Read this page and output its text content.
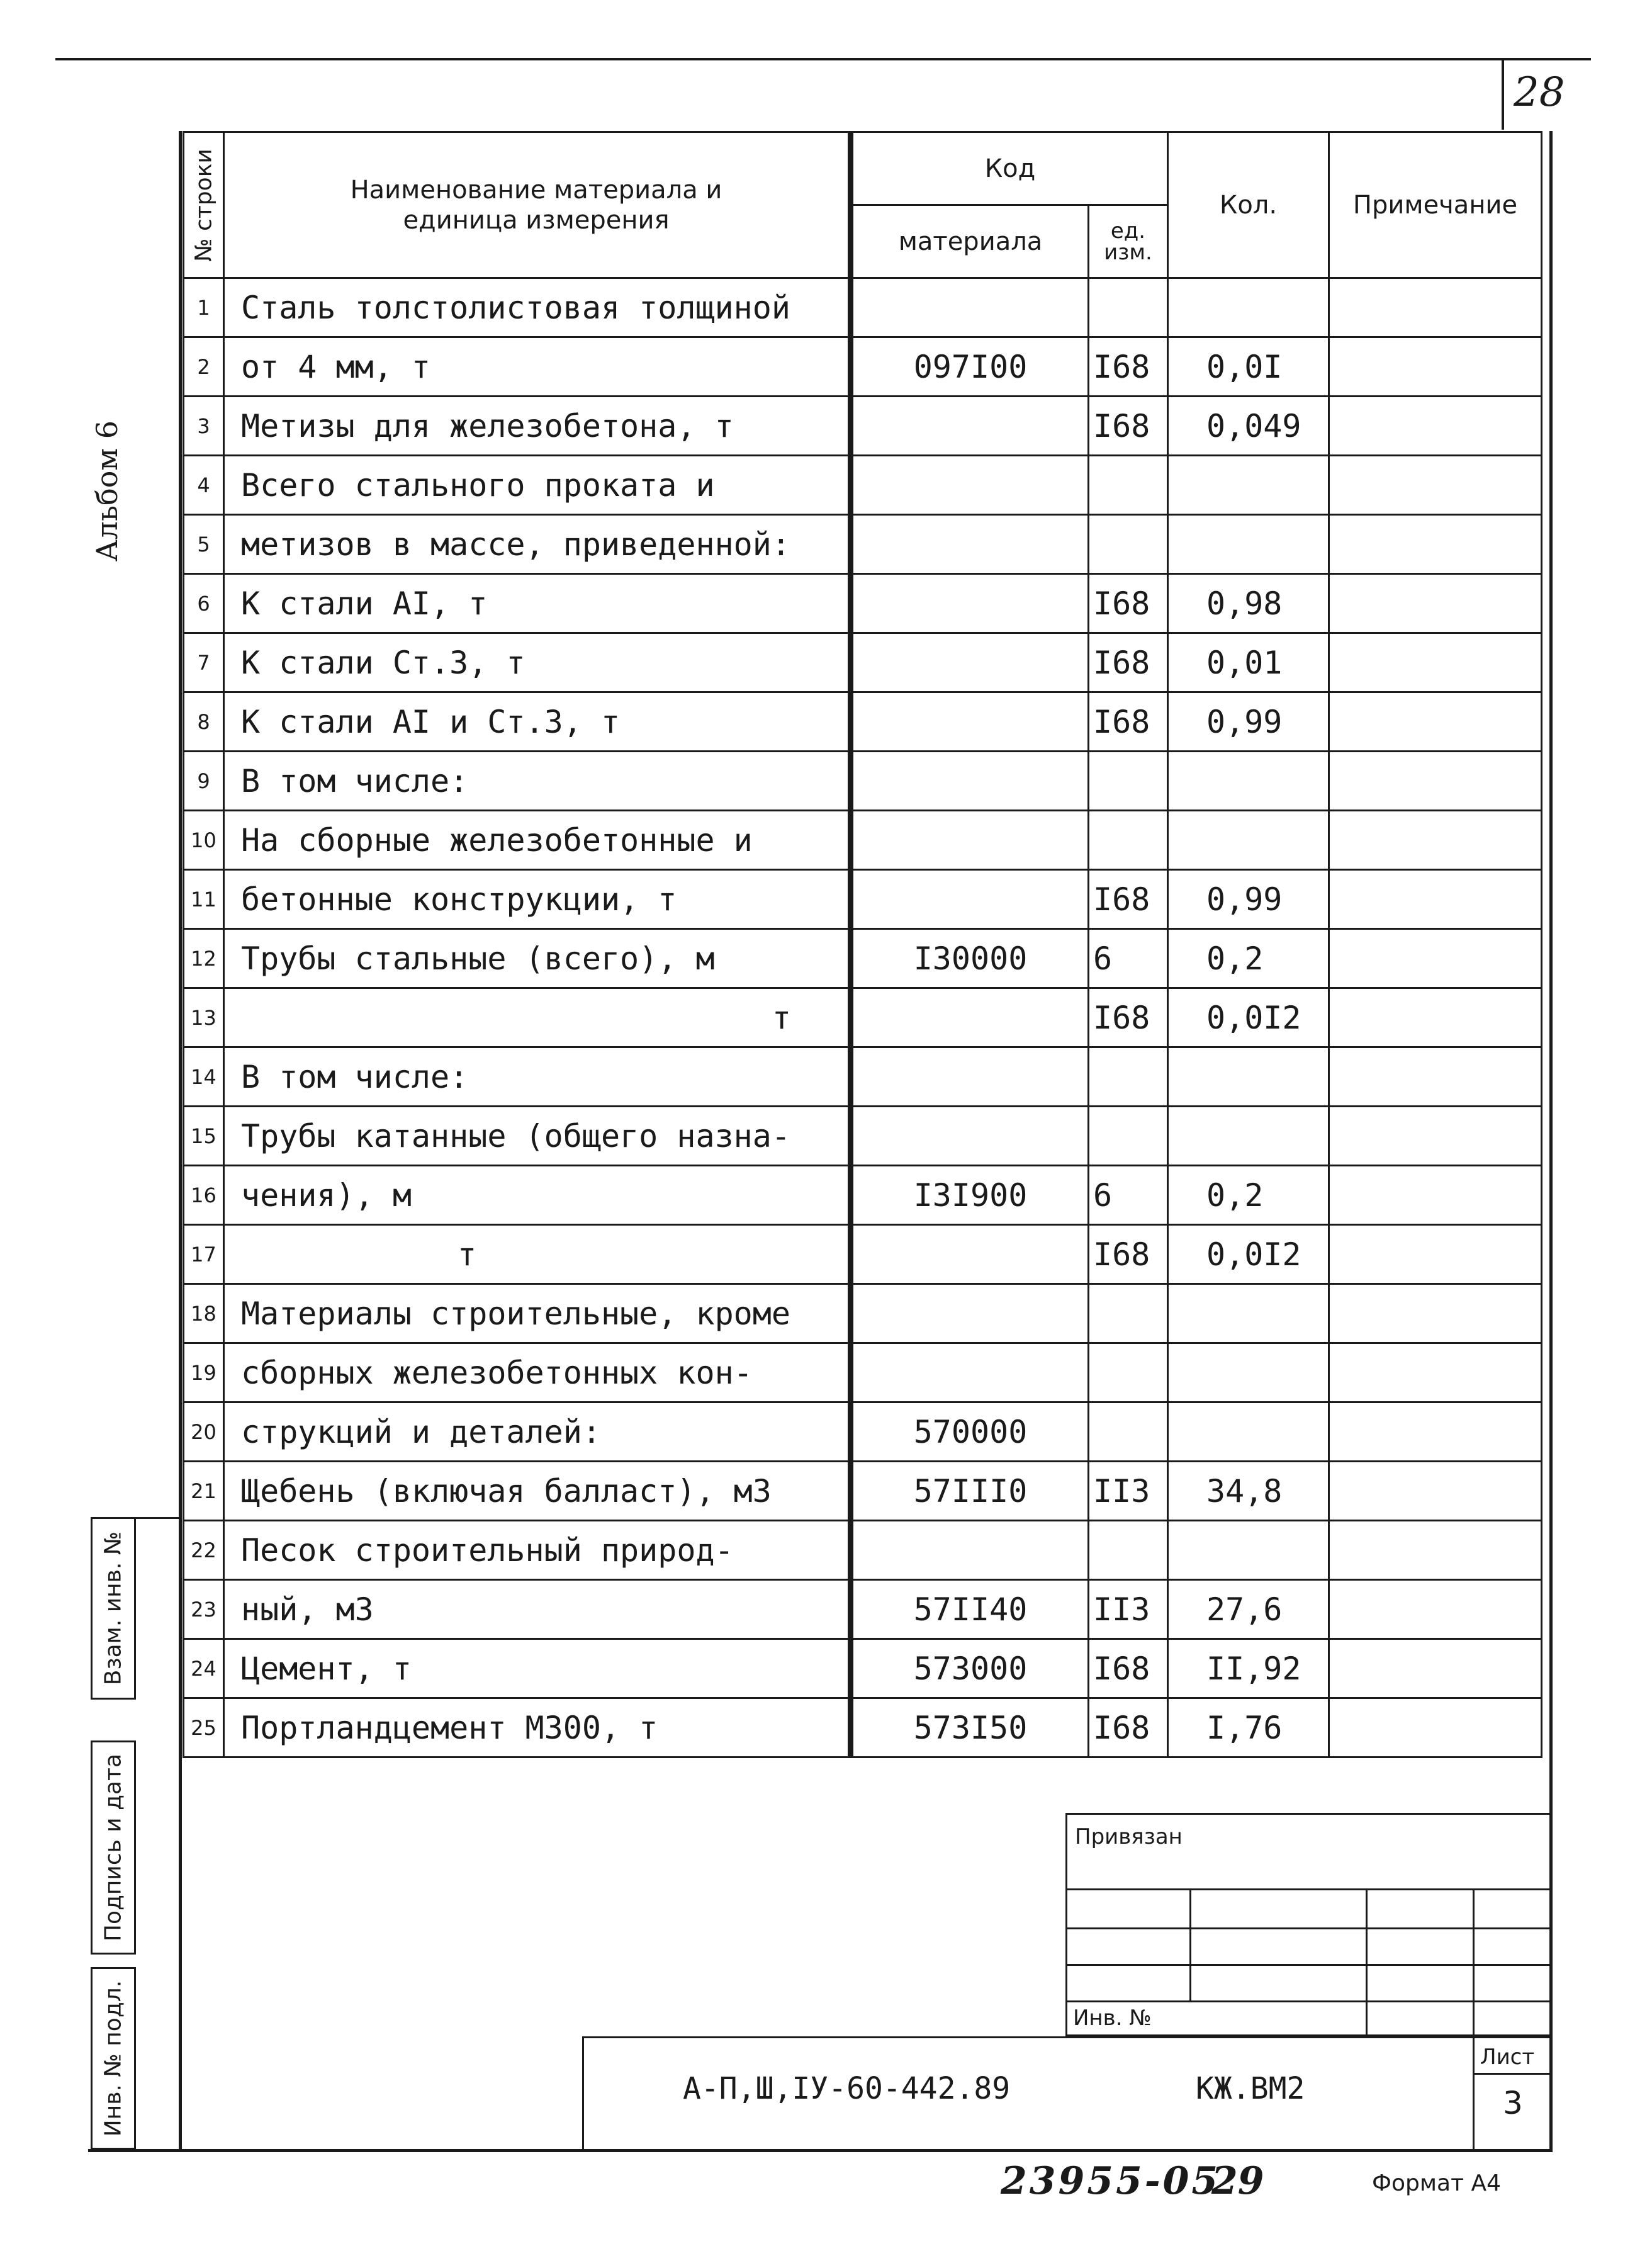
28
Альбом 6
№ строки	Наименование материала и единица измерения	Код		Кол.	Примечание
		материала	ед. изм.		
1	Сталь толстолистовая толщиной				
2	от 4 мм, т	097I00	I68	0,0I	
3	Метизы для железобетона, т		I68	0,049	
4	Всего стального проката и				
5	метизов в массе, приведенной:				
6	К стали АI, т		I68	0,98	
7	К стали Ст.3, т		I68	0,01	
8	К стали АI и Ст.3, т		I68	0,99	
9	В том числе:				
10	На сборные железобетонные и				
11	бетонные конструкции, т		I68	0,99	
12	Трубы стальные (всего), м	I30000	6	0,2	
13	т		I68	0,0I2	
14	В том числе:				
15	Трубы катанные (общего назна-				
16	чения), м	I3I900	6	0,2	
17	т		I68	0,0I2	
18	Материалы строительные, кроме				
19	сборных железобетонных кон-				
20	струкций и деталей:	570000			
21	Щебень (включая балласт), м3	57III0	II3	34,8	
22	Песок строительный природ-				
23	ный, м3	57II40	II3	27,6	
24	Цемент, т	573000	I68	II,92	
25	Портландцемент М300, т	573I50	I68	I,76	
Взам. инв. №
Подпись и дата
Инв. № подл.
Привязан
Инв. №
А-П,Ш,IУ-60-442.89	КЖ.ВМ2
Лист
3
23955-05
29	Формат А4
